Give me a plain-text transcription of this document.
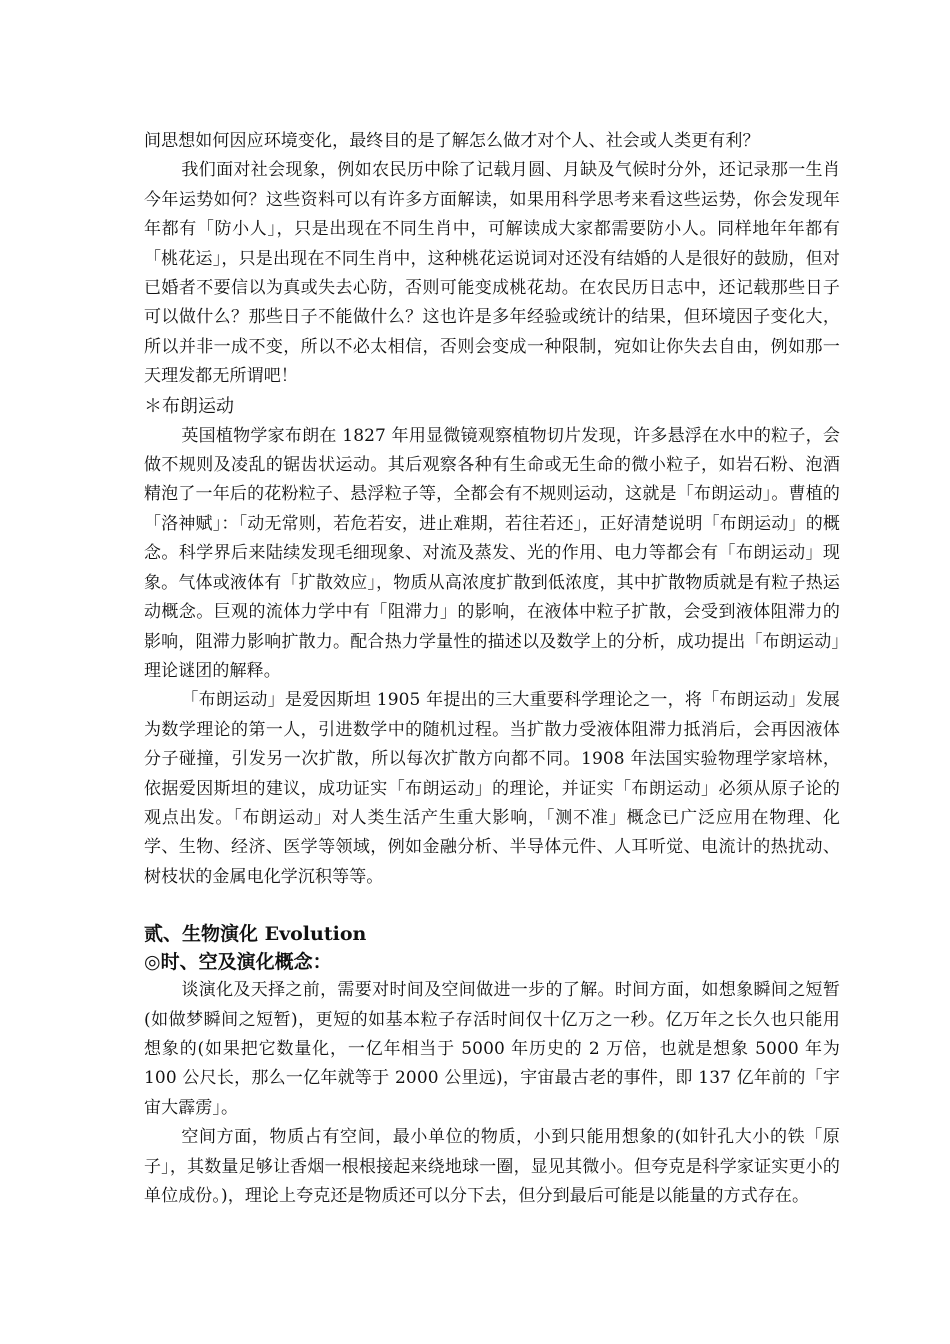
间思想如何因应环境变化，最终目的是了解怎么做才对个人、社会或人类更有利？

我们面对社会现象，例如农民历中除了记载月圆、月缺及气候时分外，还记录那一生肖今年运势如何？这些资料可以有许多方面解读，如果用科学思考来看这些运势，你会发现年年都有「防小人」，只是出现在不同生肖中，可解读成大家都需要防小人。同样地年年都有「桃花运」，只是出现在不同生肖中，这种桃花运说词对还没有结婚的人是很好的鼓励，但对已婚者不要信以为真或失去心防，否则可能变成桃花劫。在农民历日志中，还记载那些日子可以做什么？那些日子不能做什么？这也许是多年经验或统计的结果，但环境因子变化大，所以并非一成不变，所以不必太相信，否则会变成一种限制，宛如让你失去自由，例如那一天理发都无所谓吧！

＊布朗运动

英国植物学家布朗在 1827 年用显微镜观察植物切片发现，许多悬浮在水中的粒子，会做不规则及凌乱的锯齿状运动。其后观察各种有生命或无生命的微小粒子，如岩石粉、泡酒精泡了一年后的花粉粒子、悬浮粒子等，全都会有不规则运动，这就是「布朗运动」。曹植的「洛神赋」：「动无常则，若危若安，进止难期，若往若还」，正好清楚说明「布朗运动」的概念。科学界后来陆续发现毛细现象、对流及蒸发、光的作用、电力等都会有「布朗运动」现象。气体或液体有「扩散效应」，物质从高浓度扩散到低浓度，其中扩散物质就是有粒子热运动概念。巨观的流体力学中有「阻滞力」的影响，在液体中粒子扩散，会受到液体阻滞力的影响，阻滞力影响扩散力。配合热力学量性的描述以及数学上的分析，成功提出「布朗运动」理论谜团的解释。

「布朗运动」是爱因斯坦 1905 年提出的三大重要科学理论之一，将「布朗运动」发展为数学理论的第一人，引进数学中的随机过程。当扩散力受液体阻滞力抵消后，会再因液体分子碰撞，引发另一次扩散，所以每次扩散方向都不同。1908 年法国实验物理学家培林，依据爱因斯坦的建议，成功证实「布朗运动」的理论，并证实「布朗运动」必须从原子论的观点出发。「布朗运动」对人类生活产生重大影响，「测不准」概念已广泛应用在物理、化学、生物、经济、医学等领域，例如金融分析、半导体元件、人耳听觉、电流计的热扰动、树枝状的金属电化学沉积等等。

贰、生物演化 Evolution
◎时、空及演化概念：

谈演化及天择之前，需要对时间及空间做进一步的了解。时间方面，如想象瞬间之短暂(如做梦瞬间之短暂)，更短的如基本粒子存活时间仅十亿万之一秒。亿万年之长久也只能用想象的(如果把它数量化，一亿年相当于 5000 年历史的 2 万倍，也就是想象 5000 年为 100 公尺长，那么一亿年就等于 2000 公里远)，宇宙最古老的事件，即 137 亿年前的「宇宙大霹雳」。

空间方面，物质占有空间，最小单位的物质，小到只能用想象的(如针孔大小的铁「原子」，其数量足够让香烟一根根接起来绕地球一圈，显见其微小。但夸克是科学家证实更小的单位成份。)，理论上夸克还是物质还可以分下去，但分到最后可能是以能量的方式存在。
